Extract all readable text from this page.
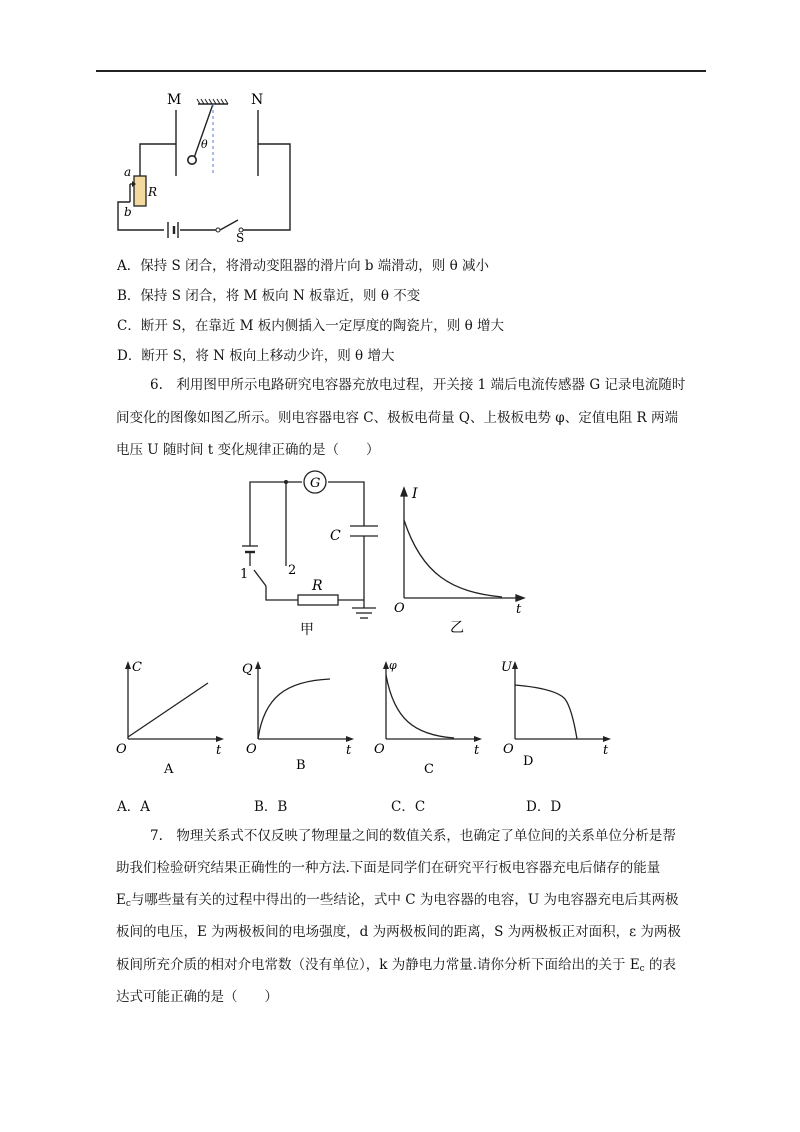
M	N
θ
a
b
R
S
A．保持 S 闭合，将滑动变阻器的滑片向 b 端滑动，则 θ 减小
B．保持 S 闭合，将 M 板向 N 板靠近，则 θ 不变
C．断开 S，在靠近 M 板内侧插入一定厚度的陶瓷片，则 θ 增大
D．断开 S，将 N 板向上移动少许，则 θ 增大
6.　利用图甲所示电路研究电容器充放电过程，开关接 1 端后电流传感器 G 记录电流随时
间变化的图像如图乙所示。则电容器电容 C、极板电荷量 Q、上极板电势 φ、定值电阻 R 两端
电压 U 随时间 t 变化规律正确的是（　　）
G
C
R
1	2
甲
I
t
O
乙
C
t
O
A
Q
t
O
B
φ
t
O
C
U
t
O
D
A．A	B．B	C．C	D．D
7.　物理关系式不仅反映了物理量之间的数值关系，也确定了单位间的关系单位分析是帮
助我们检验研究结果正确性的一种方法.下面是同学们在研究平行板电容器充电后储存的能量
$E_c$与哪些量有关的过程中得出的一些结论，式中 C 为电容器的电容，U 为电容器充电后其两极
板间的电压，E 为两极板间的电场强度，d 为两极板间的距离，S 为两极板正对面积，ε 为两极
板间所充介质的相对介电常数（没有单位），k 为静电力常量.请你分析下面给出的关于 $E_c$ 的表
达式可能正确的是（　　）
